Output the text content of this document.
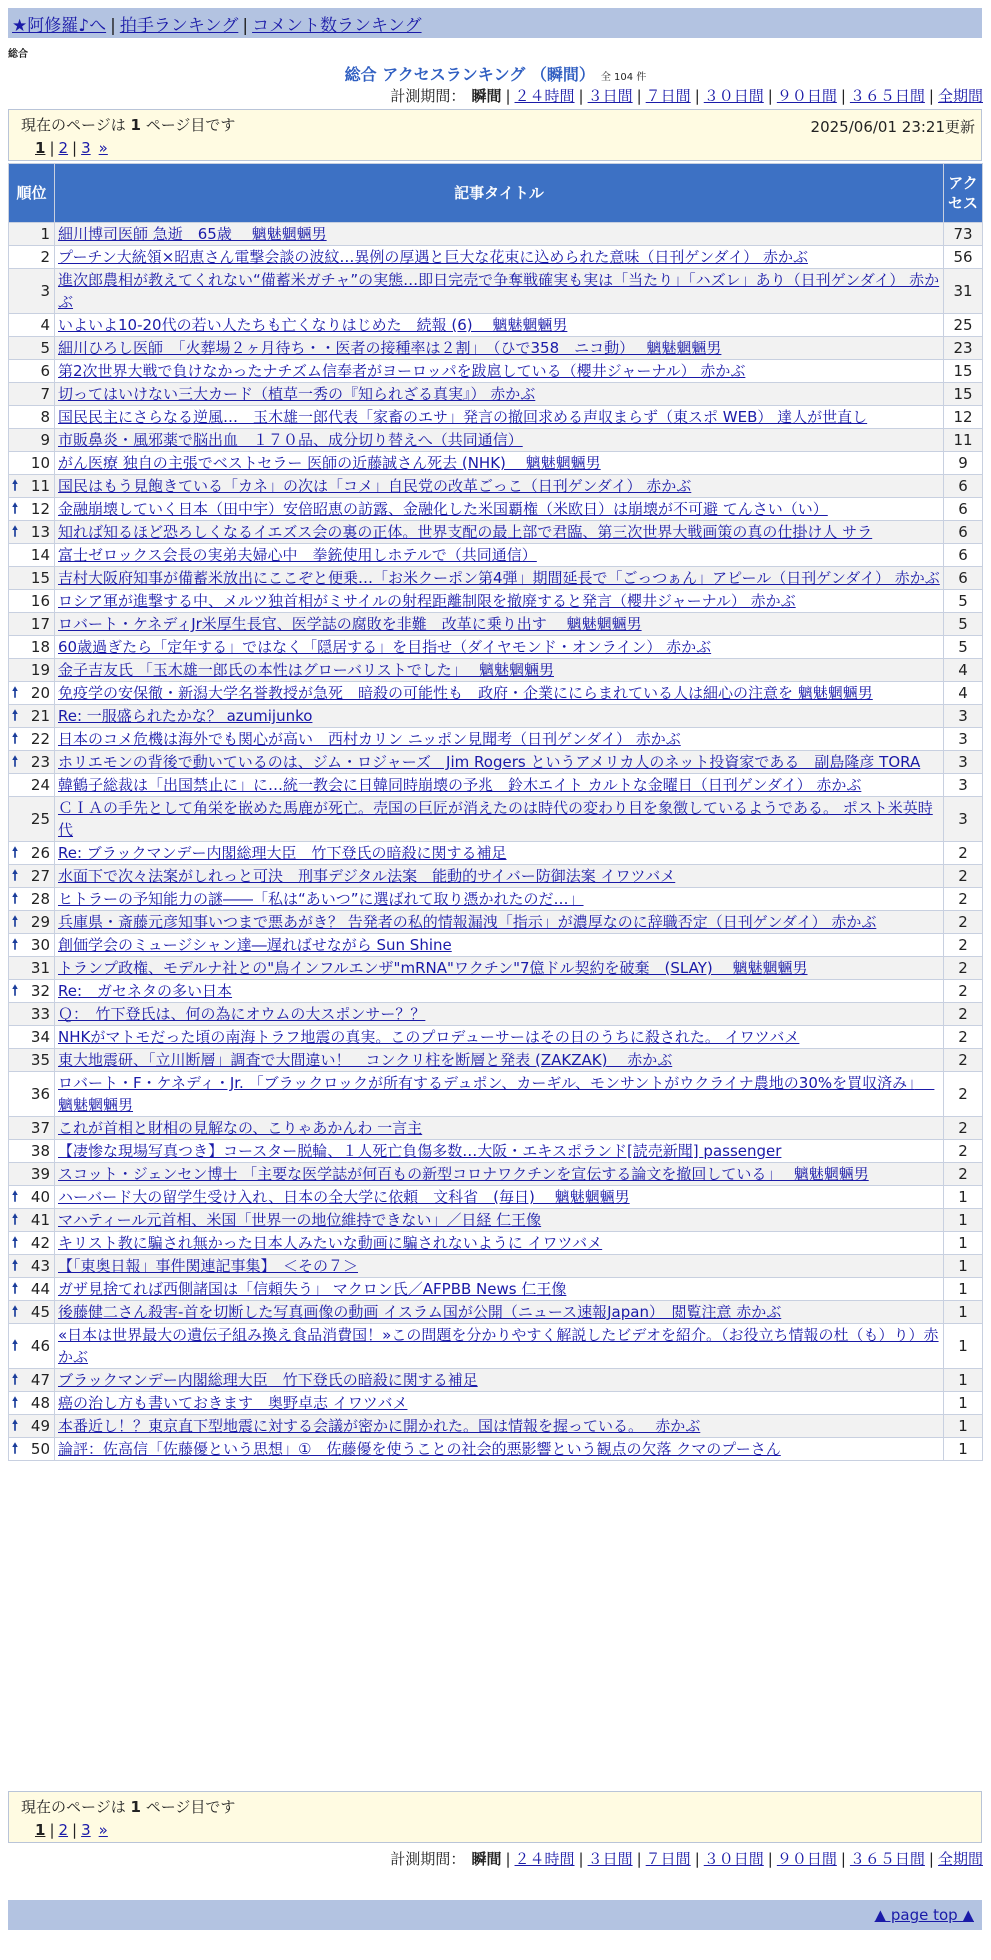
★阿修羅♪へ | 拍手ランキング | コメント数ランキング
総合
総合 アクセスランキング （瞬間） 全 104 件
計測期間： 瞬間 | ２４時間 | ３日間 | ７日間 | ３０日間 | ９０日間 | ３６５日間 | 全期間
現在のページは 1 ページ目です	2025/06/01 23:21更新
1 | 2 | 3 »
順位	記事タイトル	アクセス
1	細川博司医師 急逝　65歳　 魑魅魍魎男	73
2	プーチン大統領×昭恵さん電撃会談の波紋…異例の厚遇と巨大な花束に込められた意味（日刊ゲンダイ） 赤かぶ	56
3	進次郎農相が教えてくれない“備蓄米ガチャ”の実態…即日完売で争奪戦確実も実は「当たり」「ハズレ」あり（日刊ゲンダイ） 赤かぶ	31
4	いよいよ10-20代の若い人たちも亡くなりはじめた　続報 (6)　 魑魅魍魎男	25
5	細川ひろし医師　「火葬場２ヶ月待ち・・医者の接種率は２割」　（ひで358　ニコ動）　 魑魅魍魎男	23
6	第2次世界大戦で負けなかったナチズム信奉者がヨーロッパを跋扈している（櫻井ジャーナル） 赤かぶ	15
7	切ってはいけない三大カード（植草一秀の『知られざる真実』） 赤かぶ	15
8	国民民主にさらなる逆風…　玉木雄一郎代表「家畜のエサ」発言の撤回求める声収まらず（東スポ WEB） 達人が世直し	12
9	市販鼻炎・風邪薬で脳出血　１７０品、成分切り替えへ（共同通信）	11
10	がん医療 独自の主張でベストセラー 医師の近藤誠さん死去 (NHK)　 魑魅魍魎男	9

🠕 11	国民はもう見飽きている「カネ」の次は「コメ」自民党の改革ごっこ（日刊ゲンダイ） 赤かぶ	6

🠕 12	金融崩壊していく日本（田中宇）安倍昭恵の訪露、金融化した米国覇権（米欧日）は崩壊が不可避 てんさい（い）	6

🠕 13	知れば知るほど恐ろしくなるイエズス会の裏の正体。世界支配の最上部で君臨、第三次世界大戦画策の真の仕掛け人 サラ	6
14	富士ゼロックス会長の実弟夫婦心中　拳銃使用しホテルで（共同通信）	6
15	吉村大阪府知事が備蓄米放出にここぞと便乗…「お米クーポン第4弾」期間延長で「ごっつぁん」アピール（日刊ゲンダイ） 赤かぶ	6
16	ロシア軍が進撃する中、メルツ独首相がミサイルの射程距離制限を撤廃すると発言（櫻井ジャーナル） 赤かぶ	5
17	ロバート・ケネディJr米厚生長官、医学誌の腐敗を非難　改革に乗り出す　 魑魅魍魎男	5
18	60歳過ぎたら「定年する」ではなく「隠居する」を目指せ（ダイヤモンド・オンライン） 赤かぶ	5
19	金子吉友氏 「玉木雄一郎氏の本性はグローバリストでした」　 魑魅魍魎男	4

🠕 20	免疫学の安保徹・新潟大学名誉教授が急死　暗殺の可能性も　政府・企業ににらまれている人は細心の注意を 魑魅魍魎男	4

🠕 21	Re: 一服盛られたかな？ azumijunko	3

🠕 22	日本のコメ危機は海外でも関心が高い　西村カリン ニッポン見聞考（日刊ゲンダイ） 赤かぶ	3

🠕 23	ホリエモンの背後で動いているのは、ジム・ロジャーズ　Jim Rogers というアメリカ人のネット投資家である　副島隆彦 TORA	3
24	韓鶴子総裁は「出国禁止に」に…統一教会に日韓同時崩壊の予兆　鈴木エイト カルトな金曜日（日刊ゲンダイ） 赤かぶ	3
25	ＣＩＡの手先として角栄を嵌めた馬鹿が死亡。売国の巨匠が消えたのは時代の変わり目を象徴しているようである。 ポスト米英時代	3

🠕 26	Re: ブラックマンデー内閣総理大臣　竹下登氏の暗殺に関する補足	2

🠕 27	水面下で次々法案がしれっと可決　刑事デジタル法案　能動的サイバー防御法案 イワツバメ	2

🠕 28	ヒトラーの予知能力の謎――「私は“あいつ”に選ばれて取り憑かれたのだ…」	2

🠕 29	兵庫県・斎藤元彦知事いつまで悪あがき？ 告発者の私的情報漏洩「指示」が濃厚なのに辞職否定（日刊ゲンダイ） 赤かぶ	2

🠕 30	創価学会のミュージシャン達―遅ればせながら Sun Shine	2
31	トランプ政権、モデルナ社との"鳥インフルエンザ"mRNA"ワクチン"7億ドル契約を破棄　(SLAY)　 魑魅魍魎男	2

🠕 32	Re:　ガセネタの多い日本	2
33	Ｑ：　竹下登氏は、何の為にオウムの大スポンサー？？	2
34	NHKがマトモだった頃の南海トラフ地震の真実。このプロデューサーはその日のうちに殺された。 イワツバメ	2
35	東大地震研、「立川断層」調査で大間違い！　コンクリ柱を断層と発表 (ZAKZAK)　 赤かぶ	2
36	ロバート・F・ケネディ・Jr. 「ブラックロックが所有するデュポン、カーギル、モンサントがウクライナ農地の30%を買収済み」　 魑魅魍魎男	2
37	これが首相と財相の見解なの、こりゃあかんわ 一言主	2
38	【凄惨な現場写真つき】コースター脱輪、１人死亡負傷多数…大阪・エキスポランド[読売新聞] passenger	2
39	スコット・ジェンセン博士 「主要な医学誌が何百もの新型コロナワクチンを宣伝する論文を撤回している」　 魑魅魍魎男	2

🠕 40	ハーバード大の留学生受け入れ、日本の全大学に依頼　文科省　(毎日)　 魑魅魍魎男	1

🠕 41	マハティール元首相、米国「世界一の地位維持できない」／日経 仁王像	1

🠕 42	キリスト教に騙され無かった日本人みたいな動画に騙されないように イワツバメ	1

🠕 43	【「東奥日報」事件関連記事集】　＜その７＞	1

🠕 44	ガザ見捨てれば西側諸国は「信頼失う」 マクロン氏／AFPBB News 仁王像	1

🠕 45	後藤健二さん殺害-首を切断した写真画像の動画 イスラム国が公開（ニュース速報Japan）　閲覧注意 赤かぶ	1

🠕 46	«日本は世界最大の遺伝子組み換え食品消費国！»この問題を分かりやすく解説したビデオを紹介。（お役立ち情報の杜（も）り）赤かぶ	1

🠕 47	ブラックマンデー内閣総理大臣　竹下登氏の暗殺に関する補足	1

🠕 48	癌の治し方も書いておきます　奥野卓志 イワツバメ	1

🠕 49	本番近し！？東京直下型地震に対する会議が密かに開かれた。国は情報を握っている。　 赤かぶ	1

🠕 50	論評：佐高信「佐藤優という思想」①　佐藤優を使うことの社会的悪影響という観点の欠落 クマのプーさん	1
現在のページは 1 ページ目です
1 | 2 | 3 »
計測期間： 瞬間 | ２４時間 | ３日間 | ７日間 | ３０日間 | ９０日間 | ３６５日間 | 全期間
▲ page top ▲
